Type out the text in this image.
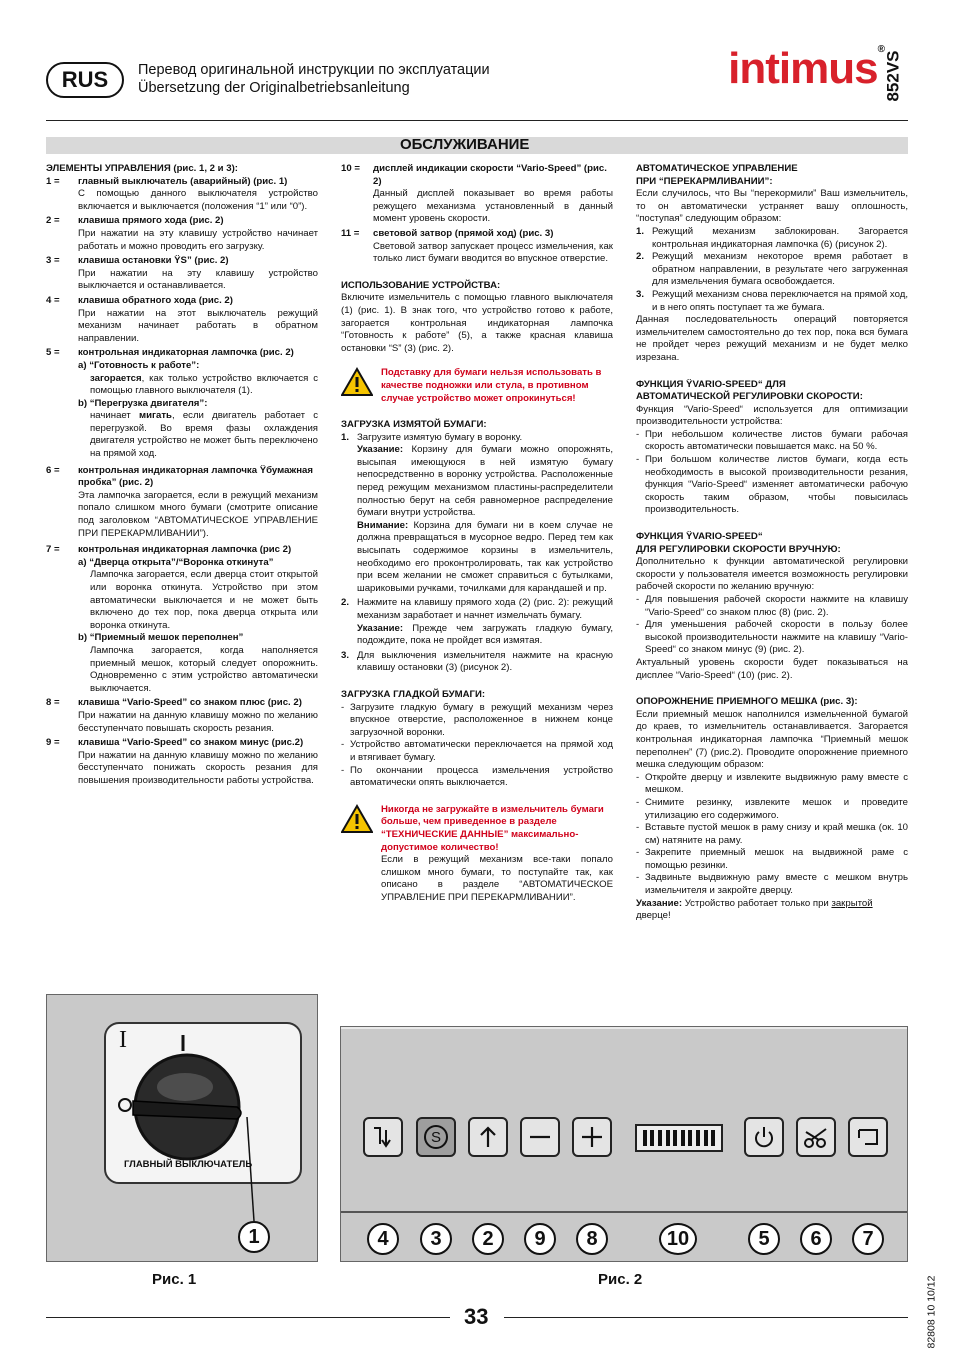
RUS	Перевод оригинальной инструкции по эксплуатации
Übersetzung der Originalbetriebsanleitung	intimus®
852VS
ОБСЛУЖИВАНИЕ

ЭЛЕМЕНТЫ УПРАВЛЕНИЯ (рис. 1, 2 и 3):

1 =	главный выключатель (аварийный) (рис. 1)

С помощью данного выключателя устройство включается и выключается (положения “1” или “0”).

2 =	клавиша прямого хода (рис. 2)

При нажатии на эту клавишу устройство начинает работать и можно проводить его загрузку.

3 =	клавиша остановки ŸS” (рис. 2)

При нажатии на эту клавишу устройство выключается и останавливается.

4 =	клавиша обратного хода (рис. 2)

При нажатии на этот выключатель режущий механизм начинает работать в обратном направлении.

5 =	контрольная индикаторная лампочка (рис. 2)

a) “Готовность к работе”:

загорается, как только устройство включается с помощью главного выключателя (1).

b) “Перегрузка двигателя”:

начинает мигать, если двигатель работает с перегрузкой. Во время фазы охлаждения двигателя устройство не может быть переключено на прямой ход.

6 =	контрольная индикаторная лампочка Ÿбумажная пробка” (рис. 2)

Эта лампочка загорается, если в режущий механизм попало слишком много бумаги (смотрите описание под заголовком “АВТОМАТИЧЕСКОЕ УПРАВЛЕНИЕ ПРИ ПЕРЕКАРМЛИВАНИИ”).

7 =	контрольная индикаторная лампочка (рис 2)

a) “Дверца открыта”/“Воронка откинута”

Лампочка загорается, если дверца стоит открытой или воронка откинута. Устройство при этом автоматически выключается и не может быть включено до тех пор, пока дверца открыта или воронка откинута.

b) “Приемный мешок переполнен”

Лампочка загорается, когда наполняется приемный мешок, который следует опорожнить. Одновременно с этим устройство автоматически выключается.

8 =	клавиша “Vario-Speed” со знаком плюс (рис. 2)

При нажатии на данную клавишу можно по желанию бесступенчато повышать скорость резания.

9 =	клавиша “Vario-Speed” со знаком минус (рис.2)

При нажатии на данную клавишу можно по желанию бесступенчато понижать скорость резания для повышения производительности работы устройства.

10 =	дисплей индикации скорости “Vario-Speed” (рис. 2)

Данный дисплей показывает во время работы режущего механизма установленный в данный момент уровень скорости.

11 =	световой затвор (прямой ход) (рис. 3)

Световой затвор запускает процесс измельчения, как только лист бумаги вводится во впускное отверстие.

ИСПОЛЬЗОВАНИЕ УСТРОЙСТВА:

Включите измельчитель с помощью главного выключателя (1) (рис. 1). В знак того, что устройство готово к работе, загорается контрольная индикаторная лампочка “Готовность к работе” (5), а также красная клавиша остановки “S” (3) (рис. 2).

Подставку для бумаги нельзя использовать в качестве подножки или стула, в противном случае устройство может опрокинуться!

ЗАГРУЗКА ИЗМЯТОЙ БУМАГИ:

1. Загрузите измятую бумагу в воронку.

Указание: Корзину для бумаги можно опорожнять, высыпая имеющуюся в ней измятую бумагу непосредственно в воронку устройства. Расположенные перед режущим механизмом пластины-распределители полностью берут на себя равномерное распределение бумаги внутри устройства.

Внимание: Корзина для бумаги ни в коем случае не должна превращаться в мусорное ведро. Перед тем как высыпать содержимое корзины в измельчитель, необходимо его проконтролировать, так как устройство при всем желании не сможет справиться с бутылками, шариковыми ручками, точилками для карандашей и пр.

2. Нажмите на клавишу прямого хода (2) (рис. 2): режущий механизм заработает и начнет измельчать бумагу.

Указание: Прежде чем загружать гладкую бумагу, подождите, пока не пройдет вся измятая.

3. Для выключения измельчителя нажмите на красную клавишу остановки (3) (рисунок 2).

ЗАГРУЗКА ГЛАДКОЙ БУМАГИ:

- Загрузите гладкую бумагу в режущий механизм через впускное отверстие, расположенное в нижнем конце загрузочной воронки.
- Устройство автоматически переключается на прямой ход и втягивает бумагу.
- По окончании процесса измельчения устройство автоматически опять выключается.

Никогда не загружайте в измельчитель бумаги больше, чем приведенное в разделе “ТЕХНИЧЕСКИЕ ДАННЫЕ” максимально-допустимое количество!

Если в режущий механизм все-таки попало слишком много бумаги, то поступайте так, как описано в разделе “АВТОМАТИЧЕСКОЕ УПРАВЛЕНИЕ ПРИ ПЕРЕКАРМЛИВАНИИ”.

АВТОМАТИЧЕСКОЕ УПРАВЛЕНИЕ

ПРИ “ПЕРЕКАРМЛИВАНИИ”:

Если случилось, что Вы “перекормили” Ваш измельчитель, то он автоматически устраняет вашу оплошность, “поступая” следующим образом:

1. Режущий механизм заблокирован. Загорается контрольная индикаторная лампочка (6) (рисунок 2).
2. Режущий механизм некоторое время работает в обратном направлении, в результате чего загруженная для измельчения бумага освобождается.
3. Режущий механизм снова переключается на прямой ход, и в него опять поступает та же бумага.

Данная последовательность операций повторяется измельчителем самостоятельно до тех пор, пока вся бумага не пройдет через режущий механизм и не будет мелко изрезана.

ФУНКЦИЯ ŸVARIO-SPEED“ ДЛЯ

АВТОМАТИЧЕСКОЙ РЕГУЛИРОВКИ СКОРОСТИ:

Функция “Vario-Speed“ используется для оптимизации производительности устройства:

- При небольшом количестве листов бумаги рабочая скорость автоматически повышается макс. на 50 %.
- При большом количестве листов бумаги, когда есть необходимость в высокой производительности резания, функция “Vario-Speed“ изменяет автоматически рабочую скорость таким образом, чтобы повысилась производительность.

ФУНКЦИЯ ŸVARIO-SPEED“

ДЛЯ РЕГУЛИРОВКИ СКОРОСТИ ВРУЧНУЮ:

Дополнительно к функции автоматической регулировки скорости у пользователя имеется возможность регулировки рабочей скорости по желанию вручную:

- Для повышения рабочей скорости нажмите на клавишу “Vario-Speed“ со знаком плюс (8) (рис. 2).
- Для уменьшения рабочей скорости в пользу более высокой производительности нажмите на клавишу “Vario-Speed“ со знаком минус (9) (рис. 2).

Актуальный уровень скорости будет показываться на дисплее “Vario-Speed“ (10) (рис. 2).

ОПОРОЖНЕНИЕ ПРИЕМНОГО МЕШКА (рис. 3):

Если приемный мешок наполнился измельченной бумагой до краев, то измельчитель останавливается. Загорается контрольная индикаторная лампочка “Приемный мешок переполнен” (7) (рис.2). Проводите опорожнение приемного мешка следующим образом:

- Откройте дверцу и извлеките выдвижную раму вместе с мешком.
- Снимите резинку, извлеките мешок и проведите утилизацию его содержимого.
- Вставьте пустой мешок в раму снизу и край мешка (ок. 10 см) натяните на раму.
- Закрепите приемный мешок на выдвижной раме с помощью резинки.
- Задвиньте выдвижную раму вместе с мешком внутрь измельчителя и закройте дверцу.

Указание: Устройство работает только при закрытой дверце!

I
ГЛАВНЫЙ ВЫКЛЮЧАТЕЛЬ
1
Рис. 1
S
4	3	2	9	8	10	5	6	7
Рис. 2
33	82808 10 10/12
